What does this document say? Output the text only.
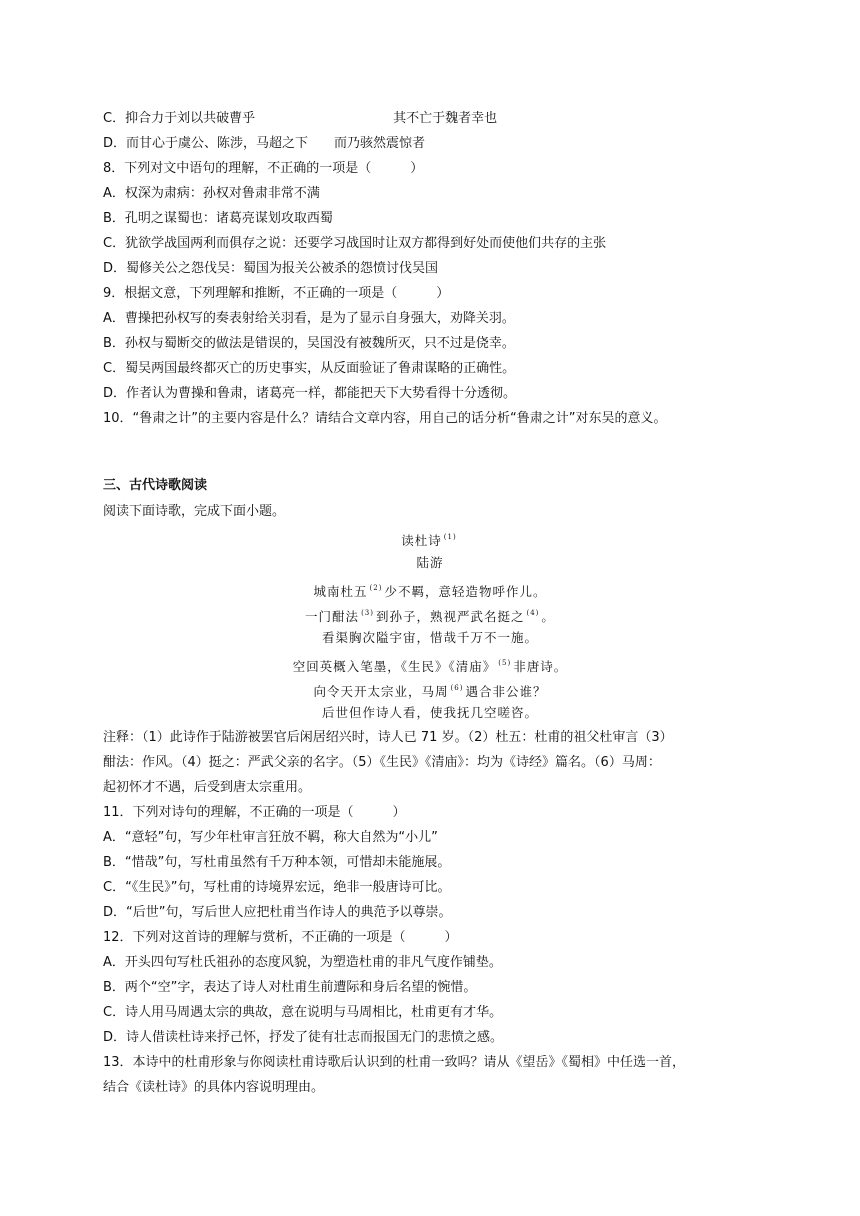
C．抑合力于刘以共破曹乎	其不亡于魏者幸也
D．而甘心于虞公、陈涉，马超之下 而乃骇然震惊者
8．下列对文中语句的理解，不正确的一项是（　　　）
A．权深为肃病：孙权对鲁肃非常不满
B．孔明之谋蜀也：诸葛亮谋划攻取西蜀
C．犹欲学战国两利而俱存之说：还要学习战国时让双方都得到好处而使他们共存的主张
D．蜀修关公之怨伐吴：蜀国为报关公被杀的怨愤讨伐吴国
9．根据文意，下列理解和推断，不正确的一项是（　　　）
A．曹操把孙权写的奏表射给关羽看，是为了显示自身强大，劝降关羽。
B．孙权与蜀断交的做法是错误的，吴国没有被魏所灭，只不过是侥幸。
C．蜀吴两国最终都灭亡的历史事实，从反面验证了鲁肃谋略的正确性。
D．作者认为曹操和鲁肃，诸葛亮一样，都能把天下大势看得十分透彻。
10．“鲁肃之计”的主要内容是什么？请结合文章内容，用自己的话分析“鲁肃之计”对东吴的意义。
三、古代诗歌阅读
阅读下面诗歌，完成下面小题。
读杜诗 $^{(1)}$
陆游
城南杜五 $^{(2)}$ 少不羁，意轻造物呼作儿。
一门酣法 $^{(3)}$ 到孙子，熟视严武名挺之 $^{(4)}$ 。
看渠胸次隘宇宙，惜哉千万不一施。
空回英概入笔墨，《生民》《清庙》 $^{(5)}$ 非唐诗。
向令天开太宗业，马周 $^{(6)}$ 遇合非公谁？
后世但作诗人看，使我抚几空嗟咨。
注释：（1）此诗作于陆游被罢官后闲居绍兴时，诗人已 71 岁。（2）杜五：杜甫的祖父杜审言（3）
酣法：作风。（4）挺之：严武父亲的名字。（5）《生民》《清庙》：均为《诗经》篇名。（6）马周：
起初怀才不遇，后受到唐太宗重用。
11．下列对诗句的理解，不正确的一项是（　　　）
A．“意轻”句，写少年杜审言狂放不羁，称大自然为“小儿”
B．“惜哉”句，写杜甫虽然有千万种本领，可惜却未能施展。
C．“《生民》”句，写杜甫的诗境界宏远，绝非一般唐诗可比。
D．“后世”句，写后世人应把杜甫当作诗人的典范予以尊崇。
12．下列对这首诗的理解与赏析，不正确的一项是（　　　）
A．开头四句写杜氏祖孙的态度风貌，为塑造杜甫的非凡气度作铺垫。
B．两个“空”字，表达了诗人对杜甫生前遭际和身后名望的惋惜。
C．诗人用马周遇太宗的典故，意在说明与马周相比，杜甫更有才华。
D．诗人借读杜诗来抒己怀，抒发了徒有壮志而报国无门的悲愤之感。
13．本诗中的杜甫形象与你阅读杜甫诗歌后认识到的杜甫一致吗？请从《望岳》《蜀相》中任选一首，
结合《读杜诗》的具体内容说明理由。
